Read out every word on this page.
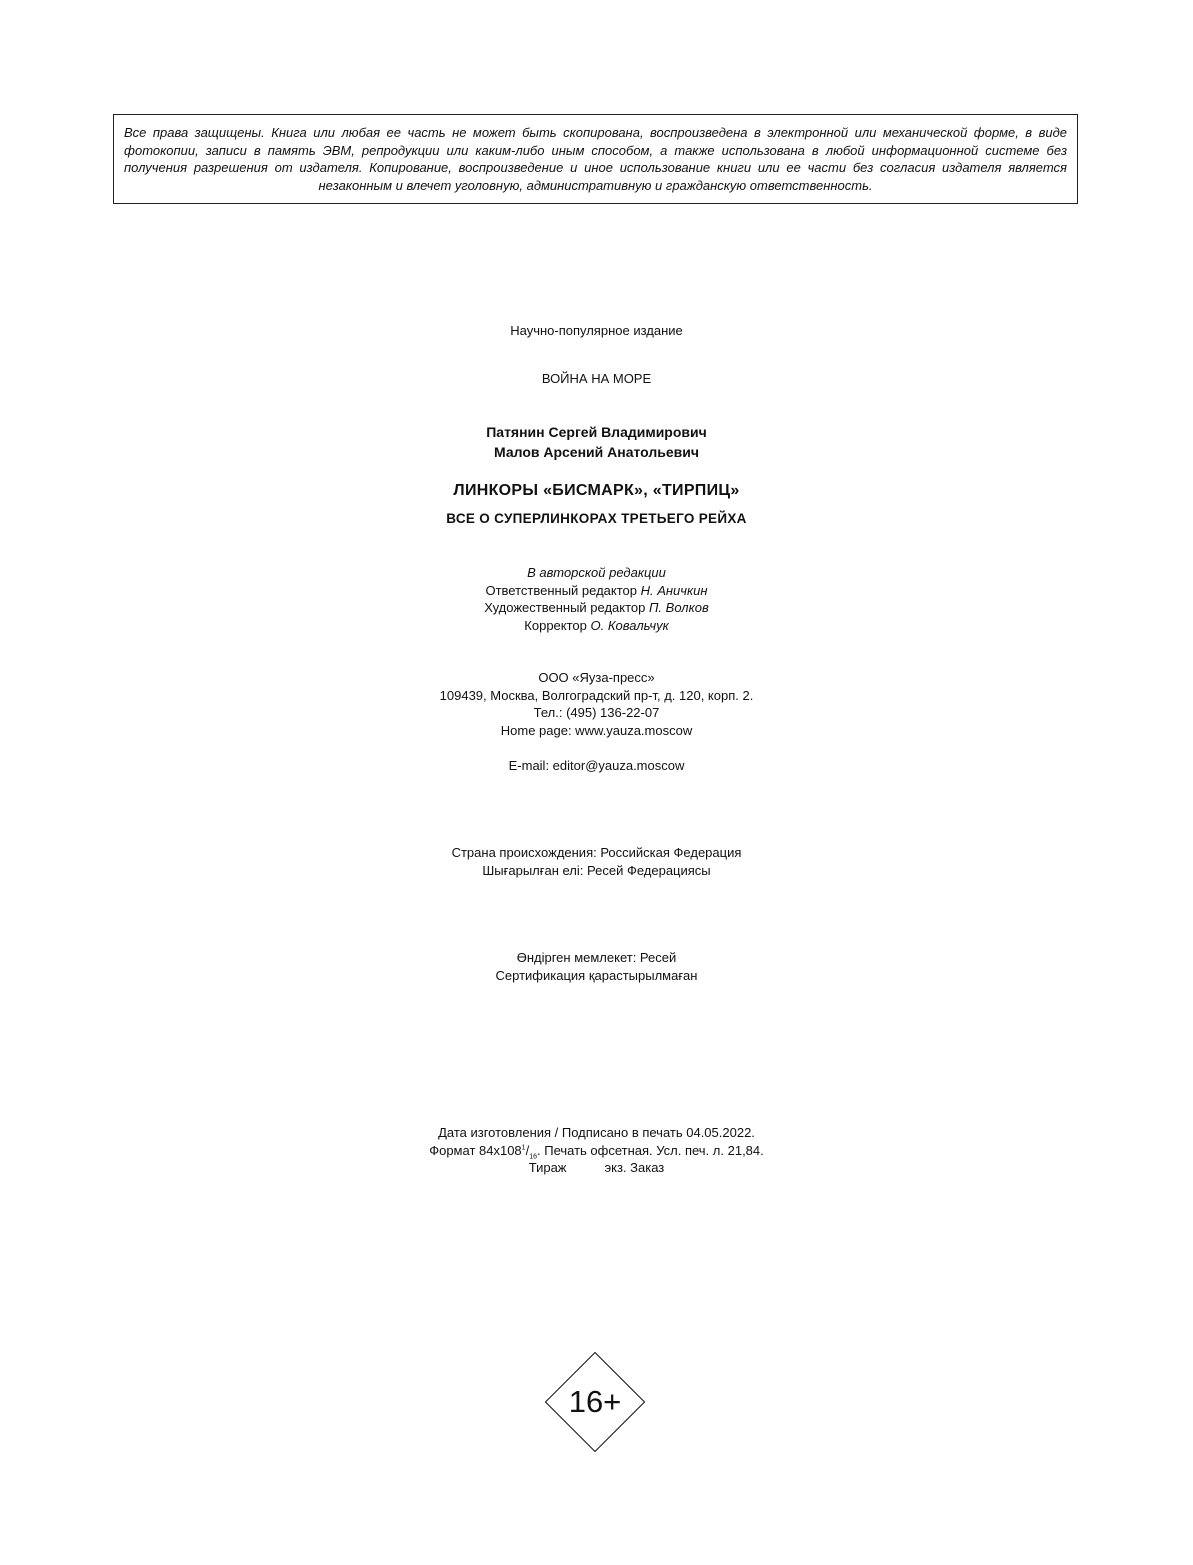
Все права защищены. Книга или любая ее часть не может быть скопирована, воспроизведена в электронной или механической форме, в виде фотокопии, записи в память ЭВМ, репродукции или каким-либо иным способом, а также использована в любой информационной системе без получения разрешения от издателя. Копирование, воспроизведение и иное использование книги или ее части без согласия издателя является незаконным и влечет уголовную, административную и гражданскую ответственность.
Научно-популярное издание
ВОЙНА НА МОРЕ
Патянин Сергей Владимирович
Малов Арсений Анатольевич
ЛИНКОРЫ «БИСМАРК», «ТИРПИЦ»
ВСЕ О СУПЕРЛИНКОРАХ ТРЕТЬЕГО РЕЙХА
В авторской редакции
Ответственный редактор Н. Аничкин
Художественный редактор П. Волков
Корректор О. Ковальчук
ООО «Яуза-пресс»
109439, Москва, Волгоградский пр-т, д. 120, корп. 2.
Тел.: (495) 136-22-07
Home page: www.yauza.moscow
E-mail: editor@yauza.moscow
Страна происхождения: Российская Федерация
Шығарылған елі: Ресей Федерациясы
Өндірген мемлекет: Ресей
Сертификация қарастырылмаған
Дата изготовления / Подписано в печать 04.05.2022.
Формат $84x108^1/_{16}$. Печать офсетная. Усл. печ. л. 21,84.
Тираж	экз. Заказ
16+
